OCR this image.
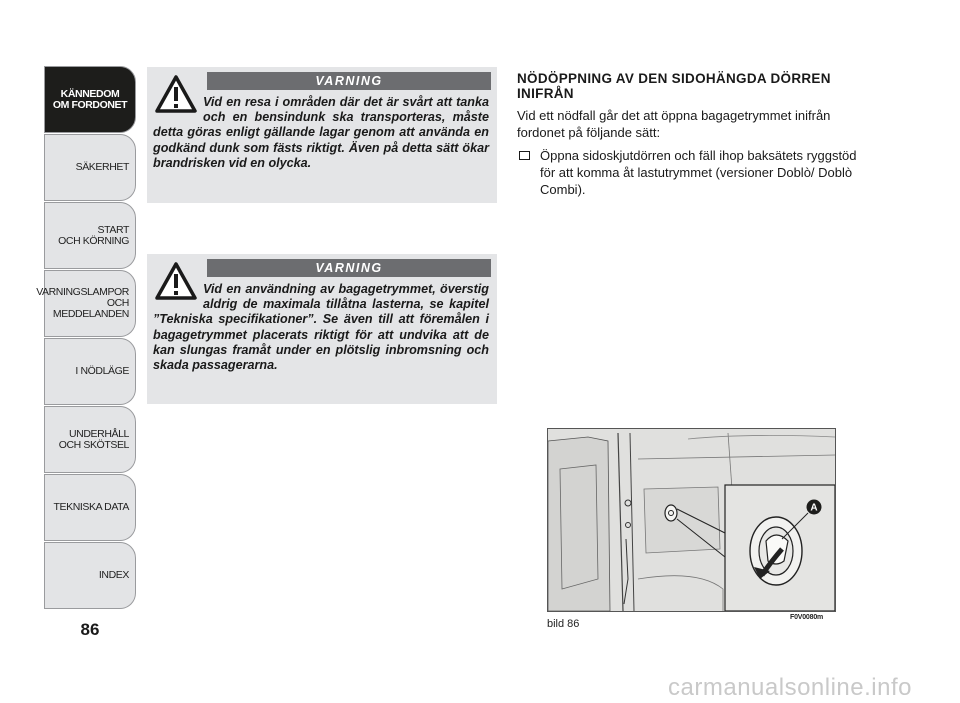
KÄNNEDOM
OM FORDONET
SÄKERHET
START
OCH KÖRNING
VARNINGSLAMPOR
OCH
MEDDELANDEN
I NÖDLÄGE
UNDERHÅLL
OCH SKÖTSEL
TEKNISKA DATA
INDEX
86
VARNING
Vid en resa i områden där det är svårt att tanka och en bensindunk ska transporteras, måste detta göras enligt gällande lagar genom att använda en godkänd dunk som fästs riktigt. Även på detta sätt ökar brandrisken vid en olycka.
VARNING
Vid en användning av bagagetrymmet, överstig aldrig de maximala tillåtna lasterna, se kapitel ”Tekniska specifikationer”. Se även till att föremålen i bagagetrymmet placerats riktigt för att undvika att de kan slungas framåt under en plötslig inbromsning och skada passagerarna.
NÖDÖPPNING AV DEN SIDOHÄNGDA DÖRREN INIFRÅN

Vid ett nödfall går det att öppna bagagetrymmet inifrån fordonet på följande sätt:

Öppna sidoskjutdörren och fäll ihop baksätets ryggstöd för att komma åt lastutrymmet (versioner Doblò/ Doblò Combi).
A
bild 86
F0V0080m
carmanualsonline.info
